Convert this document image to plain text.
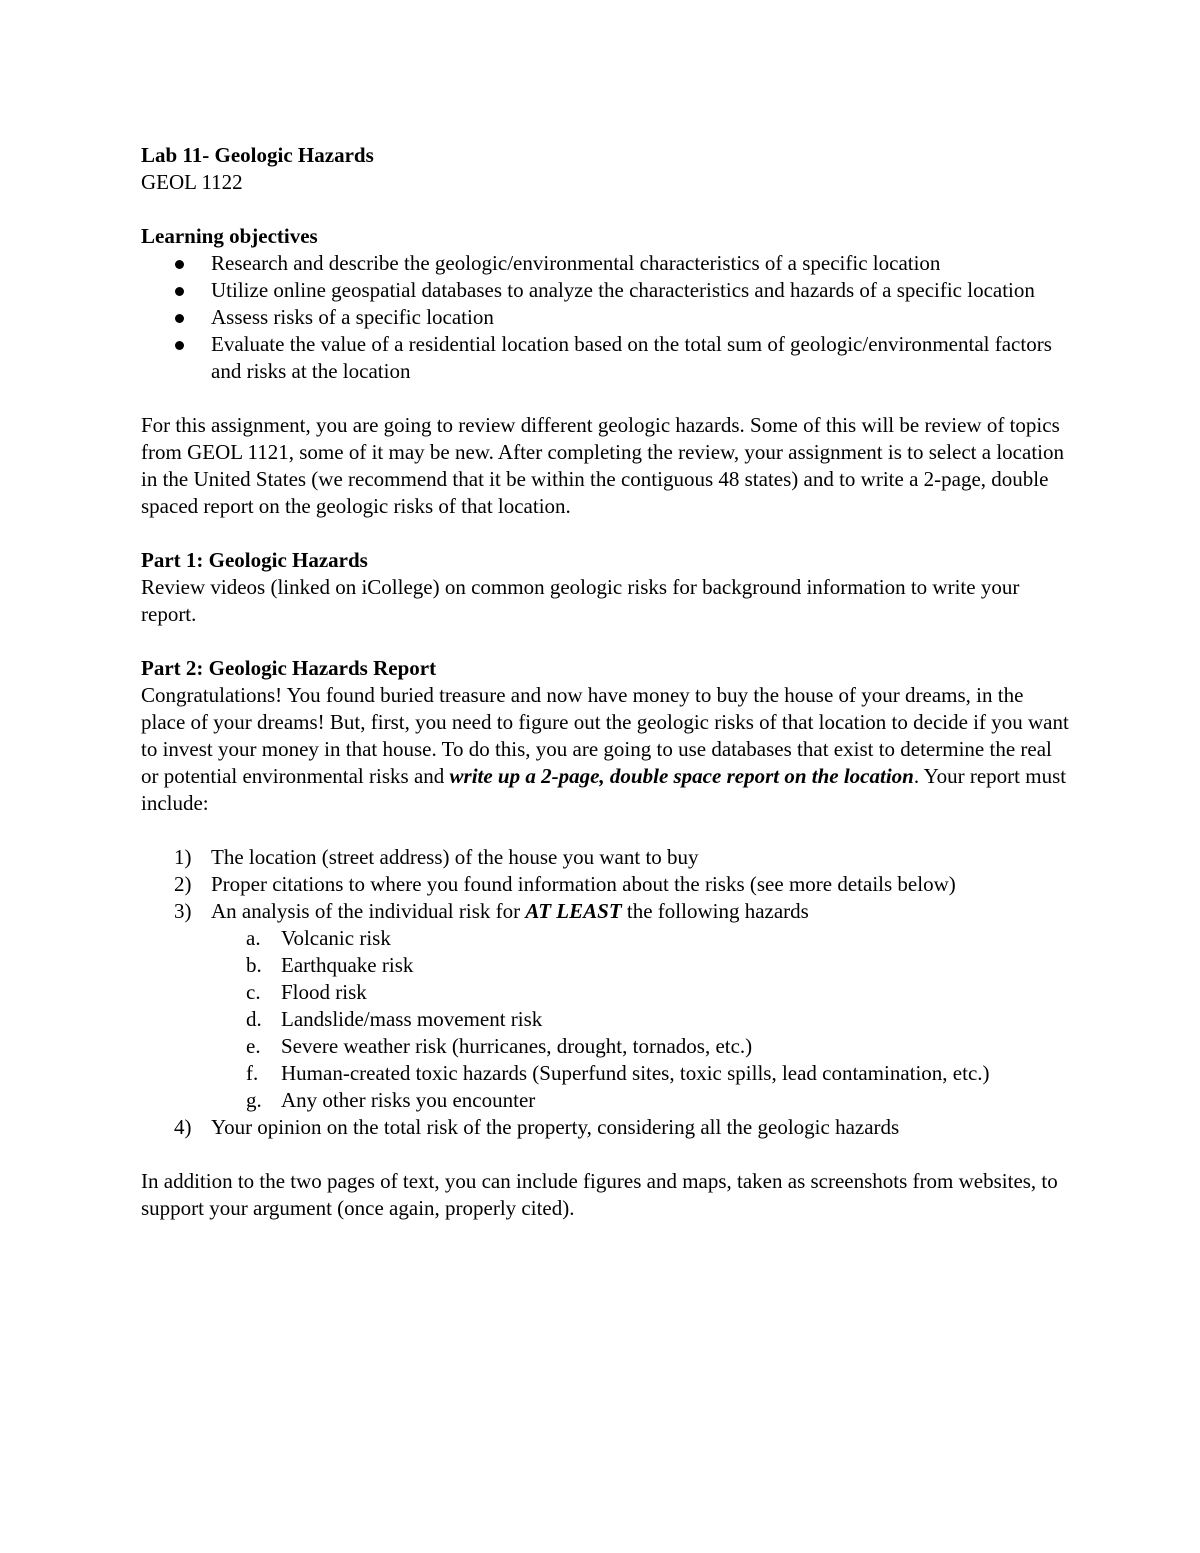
Lab 11- Geologic Hazards

GEOL 1122

Learning objectives

Research and describe the geologic/environmental characteristics of a specific location
Utilize online geospatial databases to analyze the characteristics and hazards of a specific location
Assess risks of a specific location
Evaluate the value of a residential location based on the total sum of geologic/environmental factors and risks at the location

For this assignment, you are going to review different geologic hazards. Some of this will be review of topics from GEOL 1121, some of it may be new. After completing the review, your assignment is to select a location in the United States (we recommend that it be within the contiguous 48 states) and to write a 2-page, double spaced report on the geologic risks of that location.

Part 1: Geologic Hazards

Review videos (linked on iCollege) on common geologic risks for background information to write your report.

Part 2: Geologic Hazards Report

Congratulations! You found buried treasure and now have money to buy the house of your dreams, in the place of your dreams! But, first, you need to figure out the geologic risks of that location to decide if you want to invest your money in that house. To do this, you are going to use databases that exist to determine the real or potential environmental risks and write up a 2-page, double space report on the location. Your report must include:

1) The location (street address) of the house you want to buy
2) Proper citations to where you found information about the risks (see more details below)
3) An analysis of the individual risk for AT LEAST the following hazards
a. Volcanic risk
b. Earthquake risk
c. Flood risk
d. Landslide/mass movement risk
e. Severe weather risk (hurricanes, drought, tornados, etc.)
f. Human-created toxic hazards (Superfund sites, toxic spills, lead contamination, etc.)
g. Any other risks you encounter
4) Your opinion on the total risk of the property, considering all the geologic hazards

In addition to the two pages of text, you can include figures and maps, taken as screenshots from websites, to support your argument (once again, properly cited).
